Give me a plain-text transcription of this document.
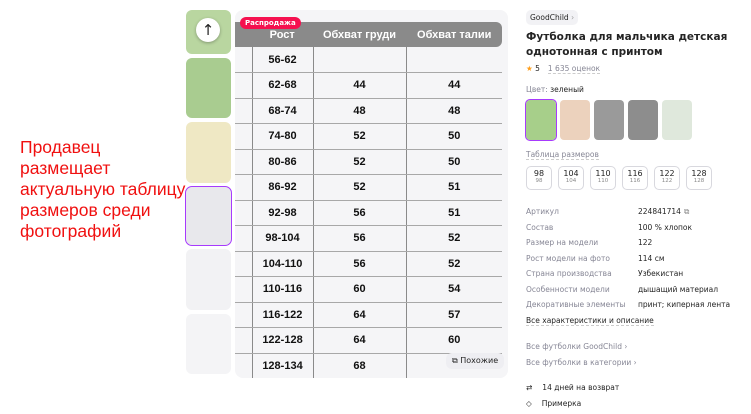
Продавец размещает актуальную таблицу размеров среди фотографий
↑	Распродажа
	Рост	Обхват груди	Обхват талии
	56-62		
	62-68	44	44
	68-74	48	48
	74-80	52	50
	80-86	52	50
	86-92	52	51
	92-98	56	51
	98-104	56	52
	104-110	56	52
	110-116	60	54
	116-122	64	57
	122-128	64	60
	128-134	68		⧉ Похожие
GoodChild ›
Футболка для мальчика детская однотонная с принтом
★ 5 1 635 оценок
Цвет: зеленый
Таблица размеров
98
98
104
104
110
110
116
116
122
122
128
128
Артикул	224841714 ⧉
Состав	100 % хлопок
Размер на модели	122
Рост модели на фото	114 см
Страна производства	Узбекистан
Особенности модели	дышащий материал
Декоративные элементы	принт; киперная лента
Все характеристики и описание
Все футболки GoodChild ›
Все футболки в категории ›
⇄ 14 дней на возврат
◇ Примерка
